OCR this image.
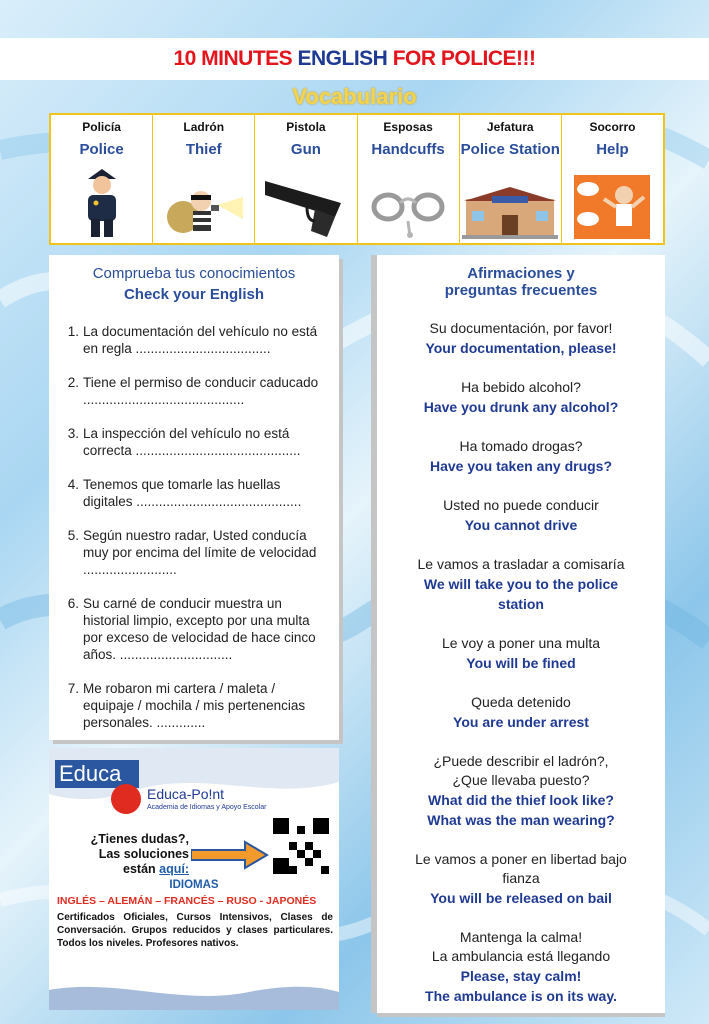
10 MINUTES ENGLISH FOR POLICE!!!
Vocabulario
Policía
Police
Ladrón
Thief
Pistola
Gun
Esposas
Handcuffs
Jefatura
Police Station
Socorro
Help
Comprueba tus conocimientos
Check your English
1. La documentación del vehículo no está en regla ....................................
2. Tiene el permiso de conducir caducado ...........................................
3. La inspección del vehículo no está correcta ............................................
4. Tenemos que tomarle las huellas digitales ............................................
5. Según nuestro radar, Usted conducía muy por encima del límite de velocidad .........................
6. Su carné de conducir muestra un historial limpio, excepto por una multa por exceso de velocidad de hace cinco años. ..............................
7. Me robaron mi cartera / maleta / equipaje / mochila / mis pertenencias personales. .............
Afirmaciones y
preguntas frecuentes
Su documentación, por favor!
Your documentation, please!
Ha bebido alcohol?
Have you drunk any alcohol?
Ha tomado drogas?
Have you taken any drugs?
Usted no puede conducir
You cannot drive
Le vamos a trasladar a comisaría
We will take you to the police
station
Le voy a poner una multa
You will be fined
Queda detenido
You are under arrest
¿Puede describir el ladrón?,
¿Que llevaba puesto?
What did the thief look like?
What was the man wearing?
Le vamos a poner en libertad bajo
fianza
You will be released on bail
Mantenga la calma!
La ambulancia está llegando
Please, stay calm!
The ambulance is on its way.
Educa
Educa-Po!nt
Academia de Idiomas y Apoyo Escolar
¿Tienes dudas?,
Las soluciones
están aquí:
IDIOMAS
INGLÉS – ALEMÁN – FRANCÉS – RUSO - JAPONÉS
Certificados Oficiales, Cursos Intensivos, Clases de Conversación. Grupos reducidos y clases particulares. Todos los niveles. Profesores nativos.
